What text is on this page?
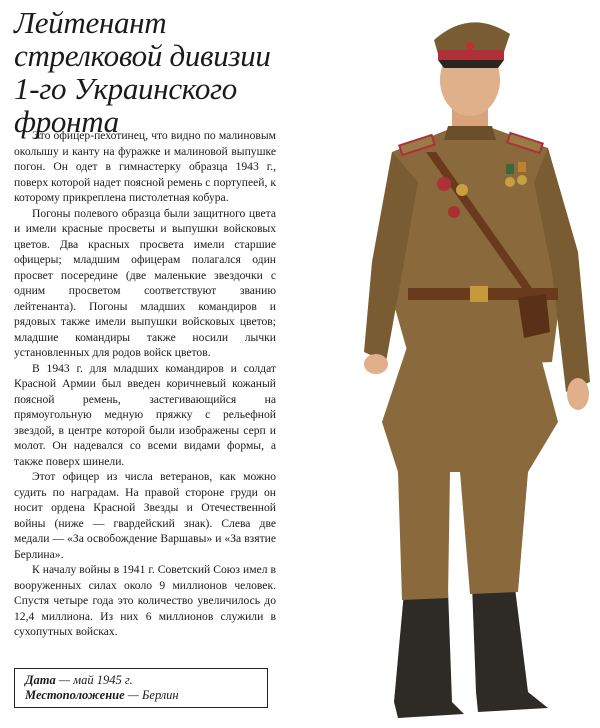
Лейтенант
стрелковой дивизии
1-го Украинского
фронта

Это офицер-пехотинец, что видно по малиновым околышу и канту на фуражке и малиновой выпушке погон. Он одет в гимнастерку образца 1943 г., поверх которой надет поясной ремень с портупеей, к которому прикреплена пистолетная кобура.

Погоны полевого образца были защитного цвета и имели красные просветы и выпушки войсковых цветов. Два красных просвета имели старшие офицеры; младшим офицерам полагался один просвет посередине (две маленькие звездочки с одним просветом соответствуют званию лейтенанта). Погоны младших командиров и рядовых также имели выпушки войсковых цветов; младшие командиры также носили лычки установленных для родов войск цветов.

В 1943 г. для младших командиров и солдат Красной Армии был введен коричневый кожаный поясной ремень, застегивающийся на прямоугольную медную пряжку с рельефной звездой, в центре которой были изображены серп и молот. Он надевался со всеми видами формы, а также поверх шинели.

Этот офицер из числа ветеранов, как можно судить по наградам. На правой стороне груди он носит ордена Красной Звезды и Отечественной войны (ниже — гвардейский знак). Слева две медали — «За освобождение Варшавы» и «За взятие Берлина».

К началу войны в 1941 г. Советский Союз имел в вооруженных силах около 9 миллионов человек. Спустя четыре года это количество увеличилось до 12,4 миллиона. Из них 6 миллионов служили в сухопутных войсках.

Дата — май 1945 г.
Местоположение — Берлин
